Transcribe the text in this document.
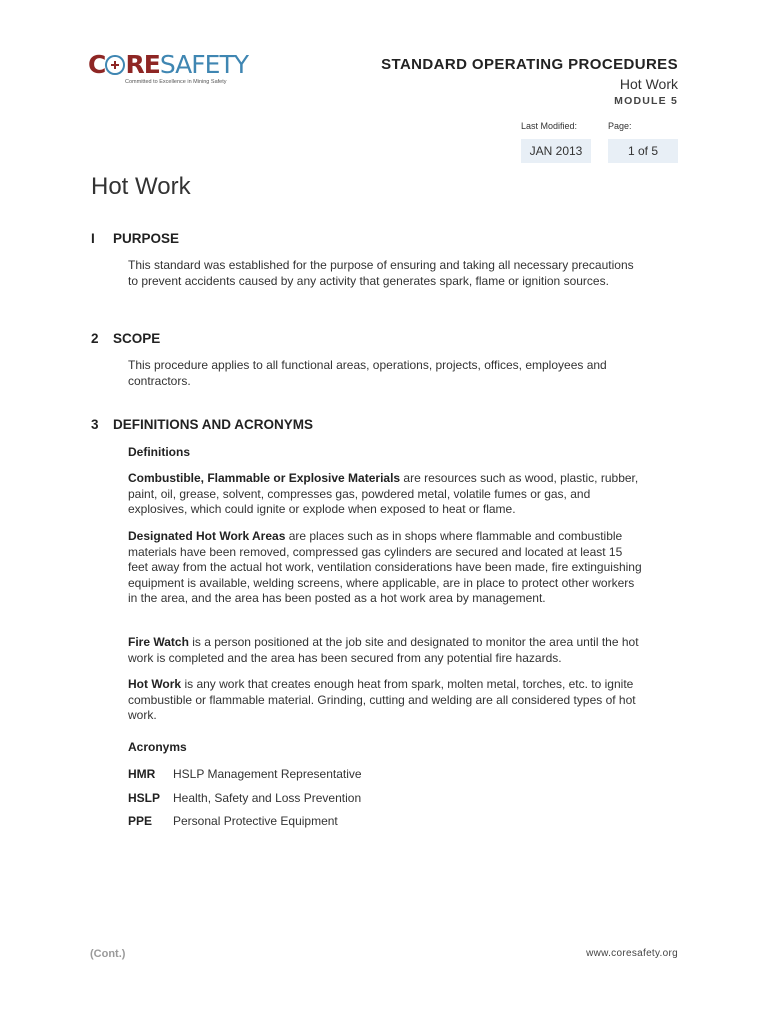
C RE SAFETY
Committed to Excellence in Mining Safety
STANDARD OPERATING PROCEDURES
Hot Work
MODULE 5
Last Modified:	Page:
JAN 2013	1 of 5
Hot Work
I PURPOSE
This standard was established for the purpose of ensuring and taking all necessary precautions to prevent accidents caused by any activity that generates spark, flame or ignition sources.
2 SCOPE
This procedure applies to all functional areas, operations, projects, offices, employees and contractors.
3 DEFINITIONS AND ACRONYMS
Definitions
Combustible, Flammable or Explosive Materials are resources such as wood, plastic, rubber, paint, oil, grease, solvent, compresses gas, powdered metal, volatile fumes or gas, and explosives, which could ignite or explode when exposed to heat or flame.
Designated Hot Work Areas are places such as in shops where flammable and combustible materials have been removed, compressed gas cylinders are secured and located at least 15 feet away from the actual hot work, ventilation considerations have been made, fire extinguishing equipment is available, welding screens, where applicable, are in place to protect other workers in the area, and the area has been posted as a hot work area by management.
Fire Watch is a person positioned at the job site and designated to monitor the area until the hot work is completed and the area has been secured from any potential fire hazards.
Hot Work is any work that creates enough heat from spark, molten metal, torches, etc. to ignite combustible or flammable material. Grinding, cutting and welding are all considered types of hot work.
Acronyms
HMR HSLP Management Representative
HSLP Health, Safety and Loss Prevention
PPE Personal Protective Equipment
(Cont.)	www.coresafety.org
